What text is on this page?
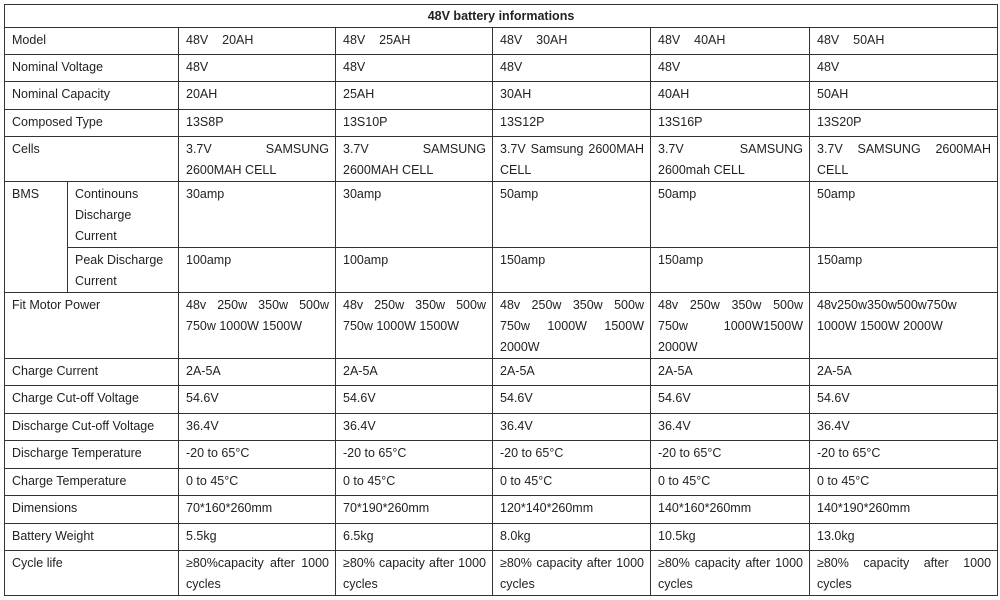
48V battery informations						
Model		48V    20AH	48V    25AH	48V    30AH	48V    40AH	48V    50AH
Nominal Voltage		48V	48V	48V	48V	48V
Nominal Capacity		20AH	25AH	30AH	40AH	50AH
Composed Type		13S8P	13S10P	13S12P	13S16P	13S20P
Cells		3.7V SAMSUNG 2600MAH CELL	3.7V SAMSUNG 2600MAH CELL	3.7V Samsung 2600MAH CELL	3.7V SAMSUNG 2600mah CELL	3.7V SAMSUNG 2600MAH CELL
BMS	Continouns Discharge Current	30amp	30amp	50amp	50amp	50amp
	Peak Discharge Current	100amp	100amp	150amp	150amp	150amp
Fit Motor Power		48v 250w 350w 500w 750w 1000W 1500W	48v 250w 350w 500w 750w 1000W 1500W	48v 250w 350w 500w 750w 1000W 1500W 2000W	48v 250w 350w 500w 750w 1000W1500W 2000W	48v250w350w500w750w 1000W 1500W 2000W
Charge Current		2A-5A	2A-5A	2A-5A	2A-5A	2A-5A
Charge Cut-off Voltage		54.6V	54.6V	54.6V	54.6V	54.6V
Discharge Cut-off Voltage		36.4V	36.4V	36.4V	36.4V	36.4V
Discharge Temperature		-20 to 65°C	-20 to 65°C	-20 to 65°C	-20 to 65°C	-20 to 65°C
Charge Temperature		0 to 45°C	0 to 45°C	0 to 45°C	0 to 45°C	0 to 45°C
Dimensions		70*160*260mm	70*190*260mm	120*140*260mm	140*160*260mm	140*190*260mm
Battery Weight		5.5kg	6.5kg	8.0kg	10.5kg	13.0kg
Cycle life		≥80%capacity after 1000 cycles	≥80% capacity after 1000 cycles	≥80% capacity after 1000 cycles	≥80% capacity after 1000 cycles	≥80% capacity after 1000 cycles
